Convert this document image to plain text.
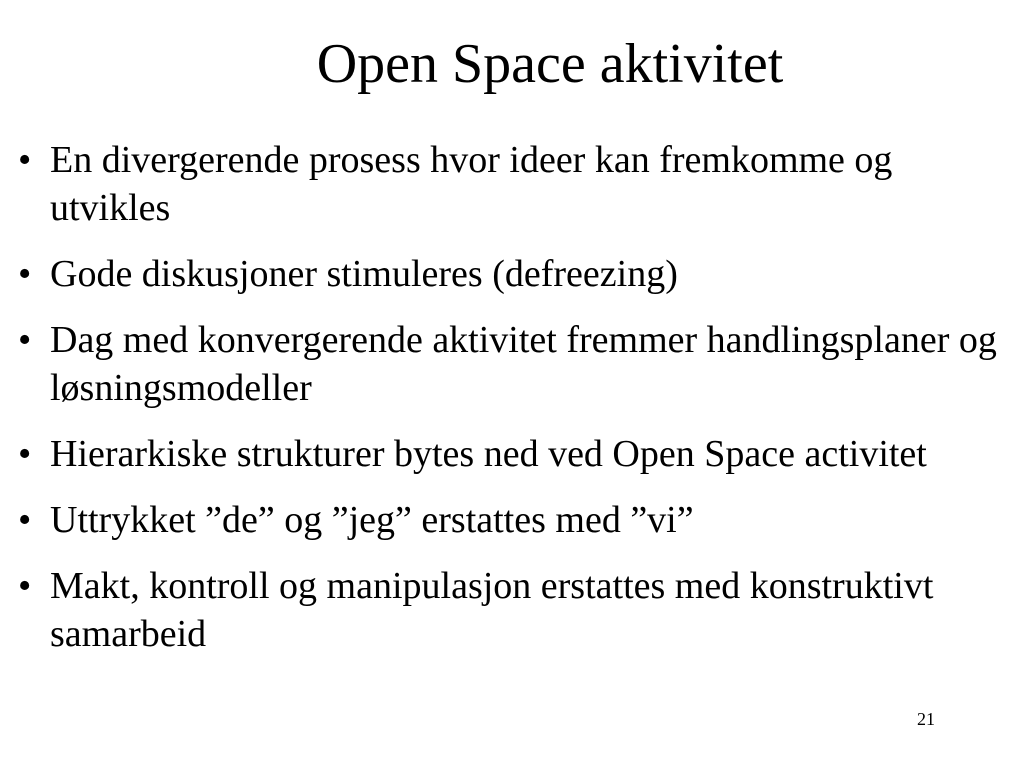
Open Space aktivitet
• En divergerende prosess hvor ideer kan fremkomme og utvikles
• Gode diskusjoner stimuleres (defreezing)
• Dag med konvergerende aktivitet fremmer handlingsplaner og løsningsmodeller
• Hierarkiske strukturer bytes ned ved Open Space activitet
• Uttrykket ”de” og ”jeg” erstattes med ”vi”
• Makt, kontroll og manipulasjon erstattes med konstruktivt samarbeid
21
